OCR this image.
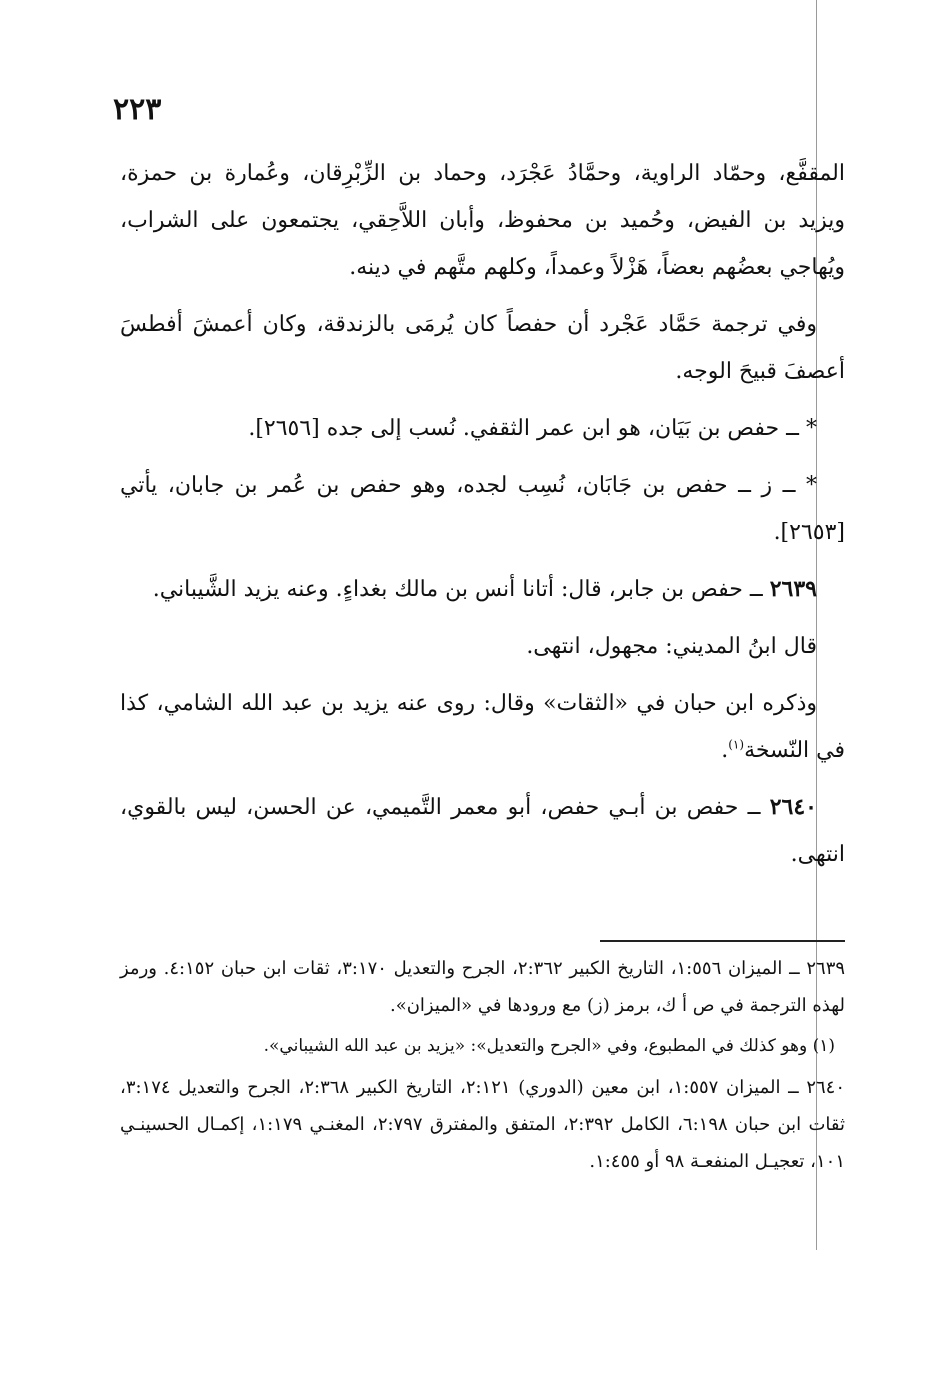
٢٢٣

المقفَّع، وحمّاد الراوية، وحمَّادُ عَجْرَد، وحماد بن الزِّبْرِقان، وعُمارة بن حمزة، ويزيد بن الفيض، وحُميد بن محفوظ، وأبان اللاَّحِقي، يجتمعون على الشراب، ويُهاجي بعضُهم بعضاً، هَزْلاً وعمداً، وكلهم متَّهم في دينه.

وفي ترجمة حَمَّاد عَجْرد أن حفصاً كان يُرمَى بالزندقة، وكان أعمشَ أفطسَ أعصفَ قبيحَ الوجه.

* ــ حفص بن بَيَان، هو ابن عمر الثقفي. نُسب إلى جده [٢٦٥٦].

* ــ ز ــ حفص بن جَابَان، نُسِب لجده، وهو حفص بن عُمر بن جابان، يأتي [٢٦٥٣].

٢٦٣٩ ــ حفص بن جابر، قال: أتانا أنس بن مالك بغداءٍ. وعنه يزيد الشَّيباني.

قال ابنُ المديني: مجهول، انتهى.

وذكره ابن حبان في «الثقات» وقال: روى عنه يزيد بن عبد الله الشامي، كذا في النّسخة$^{(١)}$.

٢٦٤٠ ــ حفص بن أبـي حفص، أبو معمر التَّميمي، عن الحسن، ليس بالقوي، انتهى.

٢٦٣٩ ــ الميزان ١:٥٥٦، التاريخ الكبير ٢:٣٦٢، الجرح والتعديل ٣:١٧٠، ثقات ابن حبان ٤:١٥٢. ورمز لهذه الترجمة في ص أ ك، برمز (ز) مع ورودها في «الميزان».

(١) وهو كذلك في المطبوع، وفي «الجرح والتعديل»: «يزيد بن عبد الله الشيباني».

٢٦٤٠ ــ الميزان ١:٥٥٧، ابن معين (الدوري) ٢:١٢١، التاريخ الكبير ٢:٣٦٨، الجرح والتعديل ٣:١٧٤، ثقات ابن حبان ٦:١٩٨، الكامل ٢:٣٩٢، المتفق والمفترق ٢:٧٩٧، المغنـي ١:١٧٩، إكمـال الحسينـي ١٠١، تعجيـل المنفعـة ٩٨ أو ١:٤٥٥.
